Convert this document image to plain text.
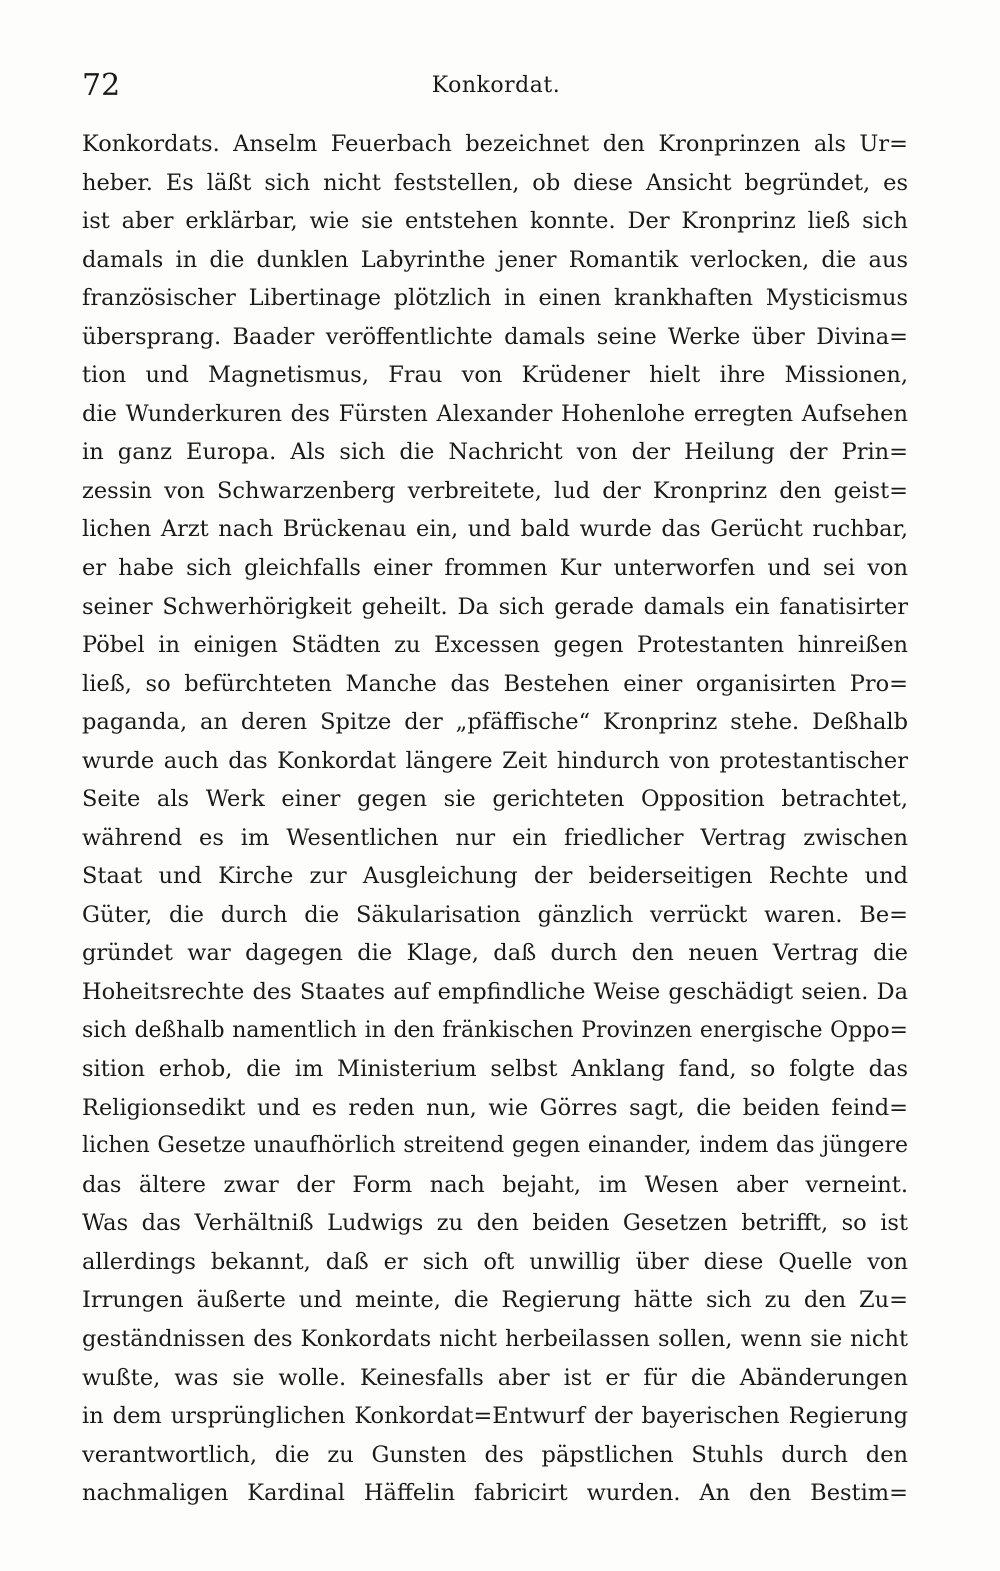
72	Konkordat.
Konkordats. Anselm Feuerbach bezeichnet den Kronprinzen als Ur=
heber. Es läßt sich nicht feststellen, ob diese Ansicht begründet, es
ist aber erklärbar, wie sie entstehen konnte. Der Kronprinz ließ sich
damals in die dunklen Labyrinthe jener Romantik verlocken, die aus
französischer Libertinage plötzlich in einen krankhaften Mysticismus
übersprang. Baader veröffentlichte damals seine Werke über Divina=
tion und Magnetismus, Frau von Krüdener hielt ihre Missionen,
die Wunderkuren des Fürsten Alexander Hohenlohe erregten Aufsehen
in ganz Europa. Als sich die Nachricht von der Heilung der Prin=
zessin von Schwarzenberg verbreitete, lud der Kronprinz den geist=
lichen Arzt nach Brückenau ein, und bald wurde das Gerücht ruchbar,
er habe sich gleichfalls einer frommen Kur unterworfen und sei von
seiner Schwerhörigkeit geheilt. Da sich gerade damals ein fanatisirter
Pöbel in einigen Städten zu Excessen gegen Protestanten hinreißen
ließ, so befürchteten Manche das Bestehen einer organisirten Pro=
paganda, an deren Spitze der „pfäffische“ Kronprinz stehe. Deßhalb
wurde auch das Konkordat längere Zeit hindurch von protestantischer
Seite als Werk einer gegen sie gerichteten Opposition betrachtet,
während es im Wesentlichen nur ein friedlicher Vertrag zwischen
Staat und Kirche zur Ausgleichung der beiderseitigen Rechte und
Güter, die durch die Säkularisation gänzlich verrückt waren. Be=
gründet war dagegen die Klage, daß durch den neuen Vertrag die
Hoheitsrechte des Staates auf empfindliche Weise geschädigt seien. Da
sich deßhalb namentlich in den fränkischen Provinzen energische Oppo=
sition erhob, die im Ministerium selbst Anklang fand, so folgte das
Religionsedikt und es reden nun, wie Görres sagt, die beiden feind=
lichen Gesetze unaufhörlich streitend gegen einander, indem das jüngere
das ältere zwar der Form nach bejaht, im Wesen aber verneint.
Was das Verhältniß Ludwigs zu den beiden Gesetzen betrifft, so ist
allerdings bekannt, daß er sich oft unwillig über diese Quelle von
Irrungen äußerte und meinte, die Regierung hätte sich zu den Zu=
geständnissen des Konkordats nicht herbeilassen sollen, wenn sie nicht
wußte, was sie wolle. Keinesfalls aber ist er für die Abänderungen
in dem ursprünglichen Konkordat=Entwurf der bayerischen Regierung
verantwortlich, die zu Gunsten des päpstlichen Stuhls durch den
nachmaligen Kardinal Häffelin fabricirt wurden. An den Bestim=
